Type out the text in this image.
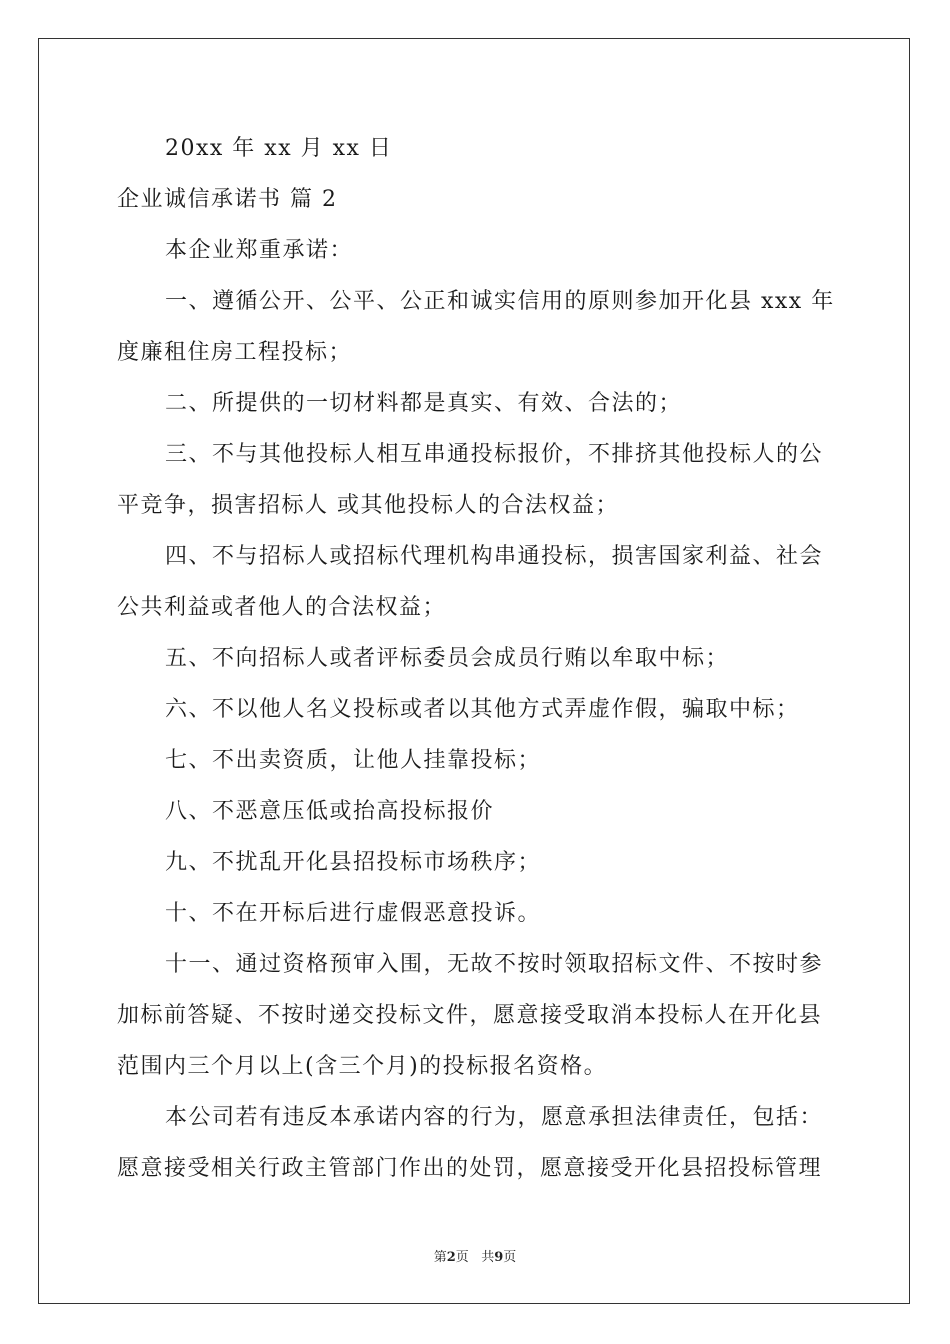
20xx 年 xx 月 xx 日
企业诚信承诺书 篇 2
本企业郑重承诺：
一、遵循公开、公平、公正和诚实信用的原则参加开化县 xxx 年
度廉租住房工程投标；
二、所提供的一切材料都是真实、有效、合法的；
三、不与其他投标人相互串通投标报价，不排挤其他投标人的公
平竞争，损害招标人 或其他投标人的合法权益；
四、不与招标人或招标代理机构串通投标，损害国家利益、社会
公共利益或者他人的合法权益；
五、不向招标人或者评标委员会成员行贿以牟取中标；
六、不以他人名义投标或者以其他方式弄虚作假，骗取中标；
七、不出卖资质，让他人挂靠投标；
八、不恶意压低或抬高投标报价
九、不扰乱开化县招投标市场秩序；
十、不在开标后进行虚假恶意投诉。
十一、通过资格预审入围，无故不按时领取招标文件、不按时参
加标前答疑、不按时递交投标文件，愿意接受取消本投标人在开化县
范围内三个月以上(含三个月)的投标报名资格。
本公司若有违反本承诺内容的行为，愿意承担法律责任，包括：
愿意接受相关行政主管部门作出的处罚，愿意接受开化县招投标管理
第2页 共9页
